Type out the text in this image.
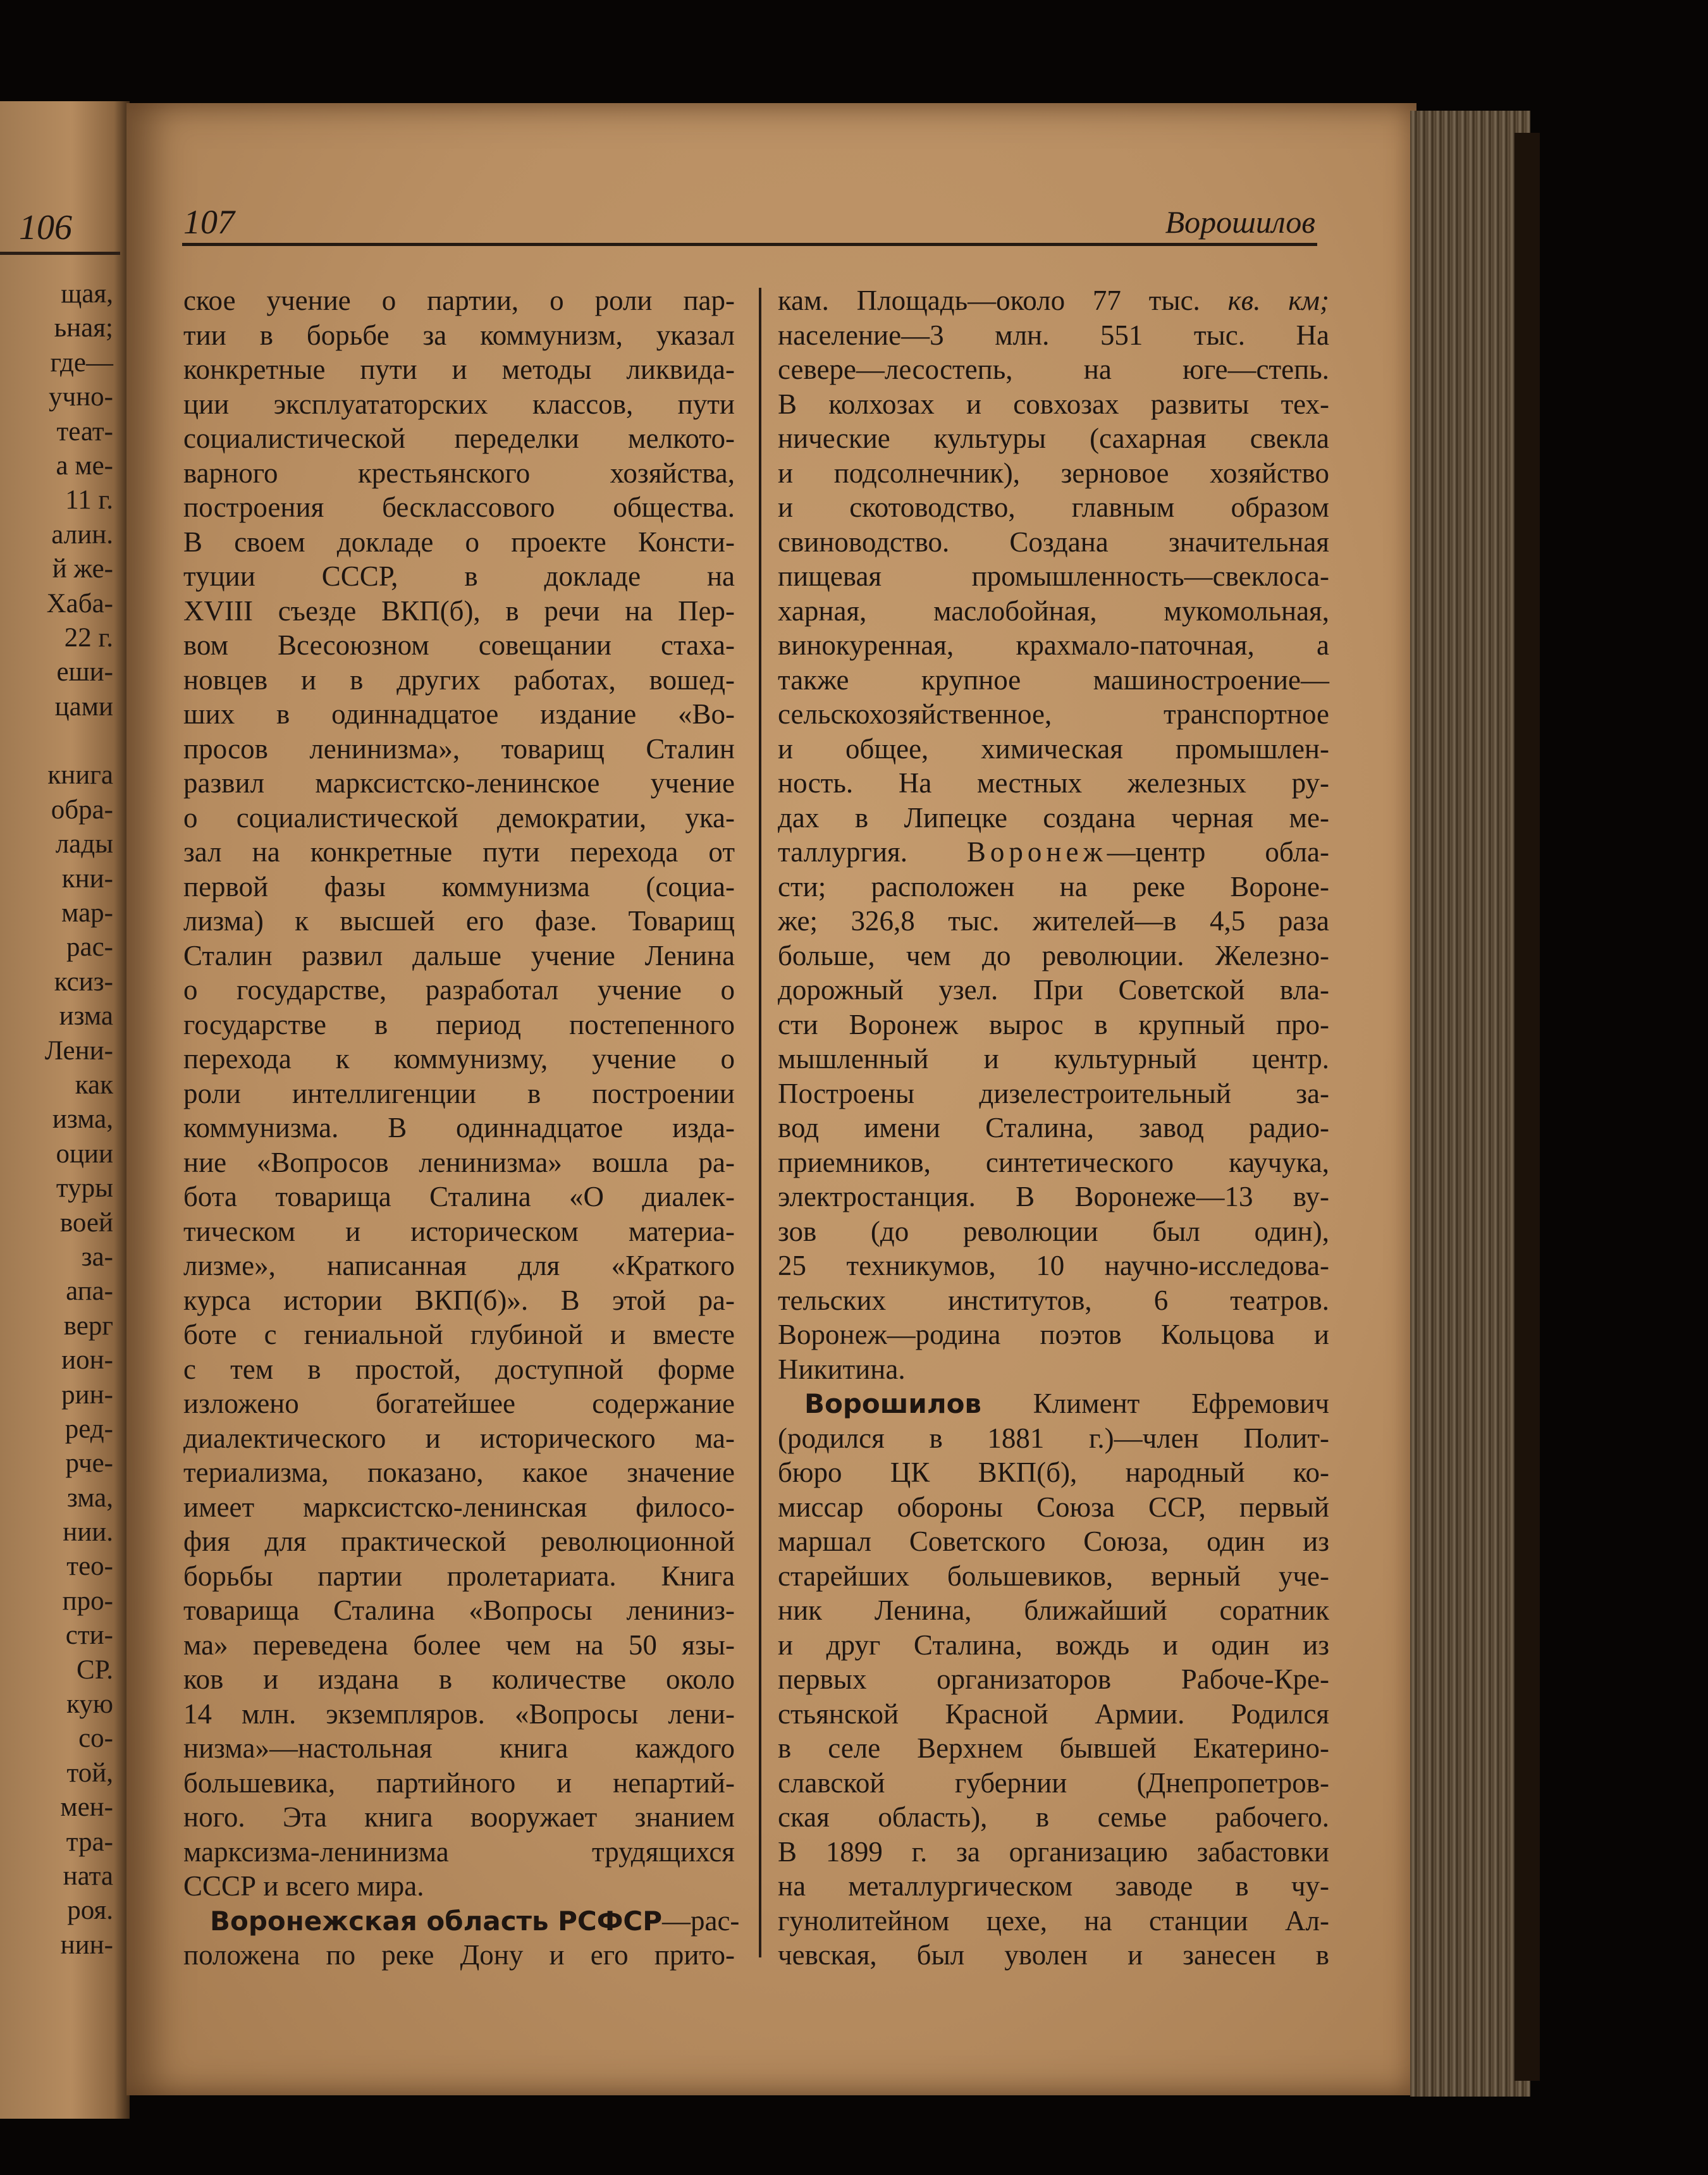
106
щая,
ьная;
где—
учно-
теат-
а ме-
11 г.
алин.
й же-
Хаба-
22 г.
еши-
цами
книга
обра-
лады
кни-
мар-
рас-
ксиз-
изма
Лени-
как
изма,
оции
туры
воей
за-
апа-
верг
ион-
рин-
ред-
рче-
зма,
нии.
тео-
про-
сти-
СР.
кую
со-
той,
мен-
тра-
ната
роя.
нин-
107	Ворошилов
ское учение о партии, о роли пар-
тии в борьбе за коммунизм, указал
конкретные пути и методы ликвида-
ции эксплуататорских классов, пути
социалистической переделки мелкото-
варного крестьянского хозяйства,
построения бесклассового общества.
В своем докладе о проекте Консти-
туции СССР, в докладе на
XVIII съезде ВКП(б), в речи на Пер-
вом Всесоюзном совещании стаха-
новцев и в других работах, вошед-
ших в одиннадцатое издание «Во-
просов ленинизма», товарищ Сталин
развил марксистско-ленинское учение
о социалистической демократии, ука-
зал на конкретные пути перехода от
первой фазы коммунизма (социа-
лизма) к высшей его фазе. Товарищ
Сталин развил дальше учение Ленина
о государстве, разработал учение о
государстве в период постепенного
перехода к коммунизму, учение о
роли интеллигенции в построении
коммунизма. В одиннадцатое изда-
ние «Вопросов ленинизма» вошла ра-
бота товарища Сталина «О диалек-
тическом и историческом материа-
лизме», написанная для «Краткого
курса истории ВКП(б)». В этой ра-
боте с гениальной глубиной и вместе
с тем в простой, доступной форме
изложено богатейшее содержание
диалектического и исторического ма-
териализма, показано, какое значение
имеет марксистско-ленинская филосо-
фия для практической революционной
борьбы партии пролетариата. Книга
товарища Сталина «Вопросы лениниз-
ма» переведена более чем на 50 язы-
ков и издана в количестве около
14 млн. экземпляров. «Вопросы лени-
низма»—настольная книга каждого
большевика, партийного и непартий-
ного. Эта книга вооружает знанием
марксизма-ленинизма трудящихся
СССР и всего мира.
Воронежская область РСФСР—рас-
положена по реке Дону и его прито-
кам. Площадь—около 77 тыс. кв. км;
население—3 млн. 551 тыс. На
севере—лесостепь, на юге—степь.
В колхозах и совхозах развиты тех-
нические культуры (сахарная свекла
и подсолнечник), зерновое хозяйство
и скотоводство, главным образом
свиноводство. Создана значительная
пищевая промышленность—свеклоса-
харная, маслобойная, мукомольная,
винокуренная, крахмало-паточная, а
также крупное машиностроение—
сельскохозяйственное, транспортное
и общее, химическая промышлен-
ность. На местных железных ру-
дах в Липецке создана черная ме-
таллургия. Воронеж—центр обла-
сти; расположен на реке Вороне-
же; 326,8 тыс. жителей—в 4,5 раза
больше, чем до революции. Железно-
дорожный узел. При Советской вла-
сти Воронеж вырос в крупный про-
мышленный и культурный центр.
Построены дизелестроительный за-
вод имени Сталина, завод радио-
приемников, синтетического каучука,
электростанция. В Воронеже—13 ву-
зов (до революции был один),
25 техникумов, 10 научно-исследова-
тельских институтов, 6 театров.
Воронеж—родина поэтов Кольцова и
Никитина.
Ворошилов Климент Ефремович
(родился в 1881 г.)—член Полит-
бюро ЦК ВКП(б), народный ко-
миссар обороны Союза ССР, первый
маршал Советского Союза, один из
старейших большевиков, верный уче-
ник Ленина, ближайший соратник
и друг Сталина, вождь и один из
первых организаторов Рабоче-Кре-
стьянской Красной Армии. Родился
в селе Верхнем бывшей Екатерино-
славской губернии (Днепропетров-
ская область), в семье рабочего.
В 1899 г. за организацию забастовки
на металлургическом заводе в чу-
гунолитейном цехе, на станции Ал-
чевская, был уволен и занесен в
